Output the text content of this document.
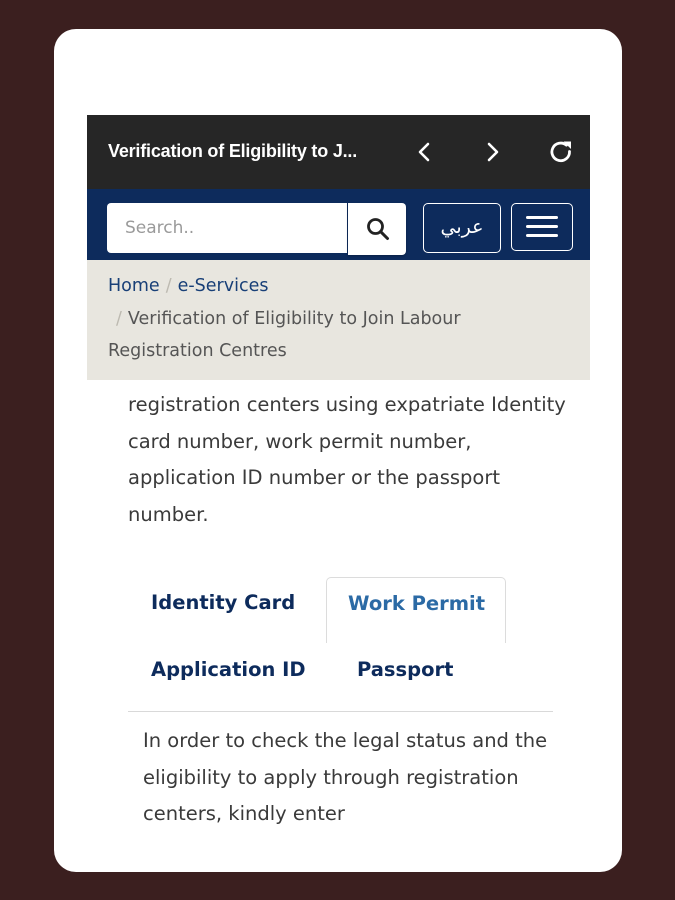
Verification of Eligibility to J...
Search..
عربي
Home / e-Services
/ Verification of Eligibility to Join Labour Registration Centres
registration centers using expatriate Identity card number, work permit number, application ID number or the passport number.
Identity Card	Work Permit
Application ID	Passport
In order to check the legal status and the eligibility to apply through registration centers, kindly enter
